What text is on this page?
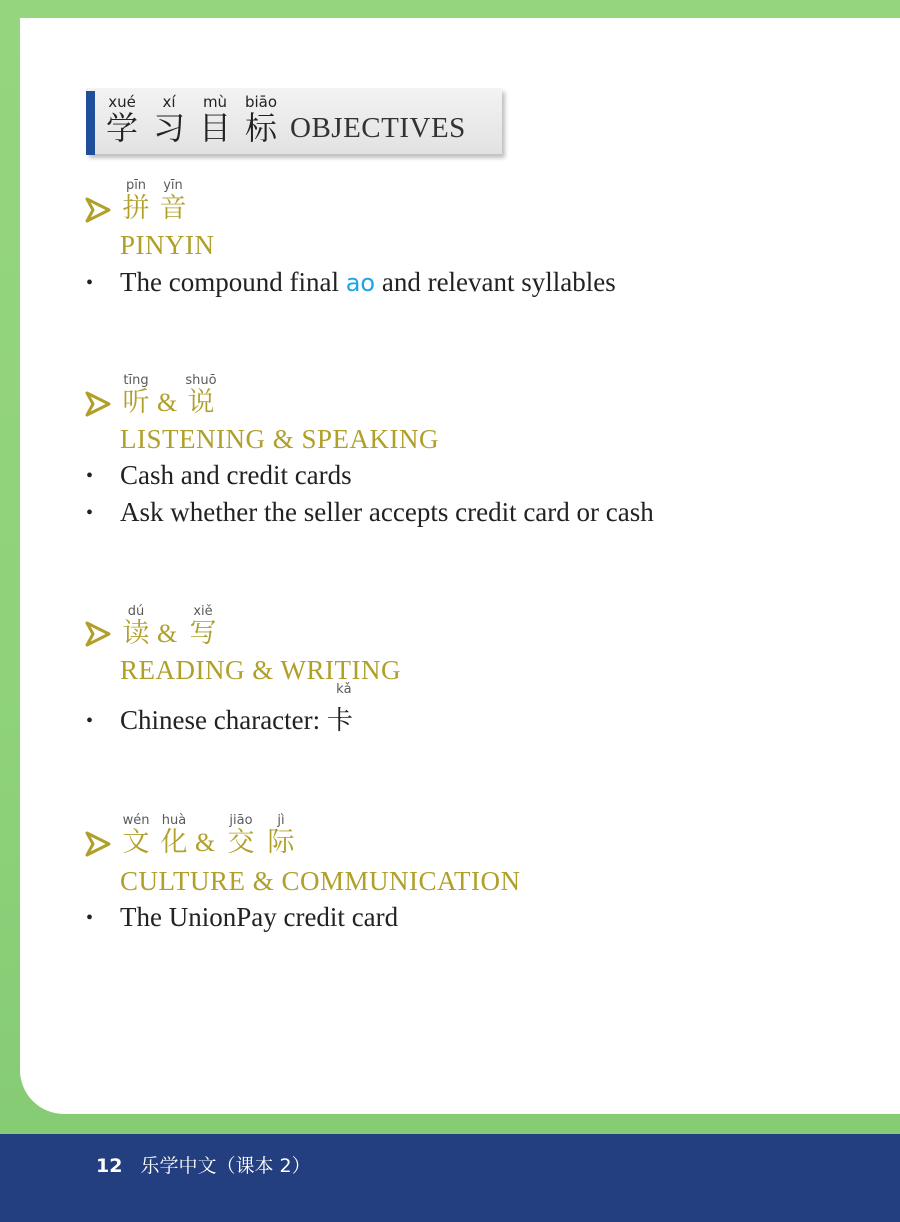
xué	xí	mù	biāo
学 习 目 标 OBJECTIVES
pīn	yīn
拼 音
PINYIN
• The compound final ao and relevant syllables
tīng	shuō
听 & 说
LISTENING & SPEAKING
• Cash and credit cards
• Ask whether the seller accepts credit card or cash
dú	xiě
读 & 写
READING & WRITING
• Chinese character:
kǎ
卡
wén huà	jiāo	jì
文 化 & 交 际
CULTURE & COMMUNICATION
• The UnionPay credit card
12 乐学中文（课本 2）
